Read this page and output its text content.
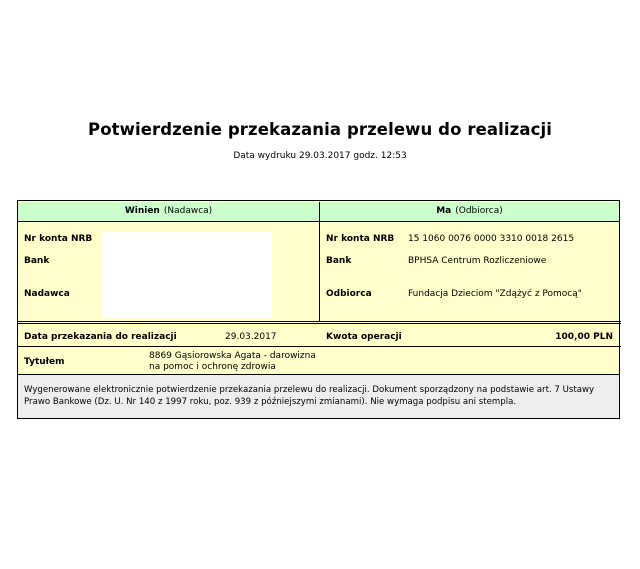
Potwierdzenie przekazania przelewu do realizacji
Data wydruku 29.03.2017 godz. 12:53
Winien (Nadawca)	Ma (Odbiorca)
Nr konta NRB
Bank
Nadawca
Nr konta NRB 15 1060 0076 0000 3310 0018 2615
Bank	BPHSA Centrum Rozliczeniowe
Odbiorca	Fundacja Dzieciom "Zdążyć z Pomocą"
Data przekazania do realizacji	29.03.2017	Kwota operacji	100,00 PLN
Tytułem
8869 Gąsiorowska Agata - darowizna
na pomoc i ochronę zdrowia
Wygenerowane elektronicznie potwierdzenie przekazania przelewu do realizacji. Dokument sporządzony na podstawie art. 7 Ustawy Prawo Bankowe (Dz. U. Nr 140 z 1997 roku, poz. 939 z późniejszymi zmianami). Nie wymaga podpisu ani stempla.
